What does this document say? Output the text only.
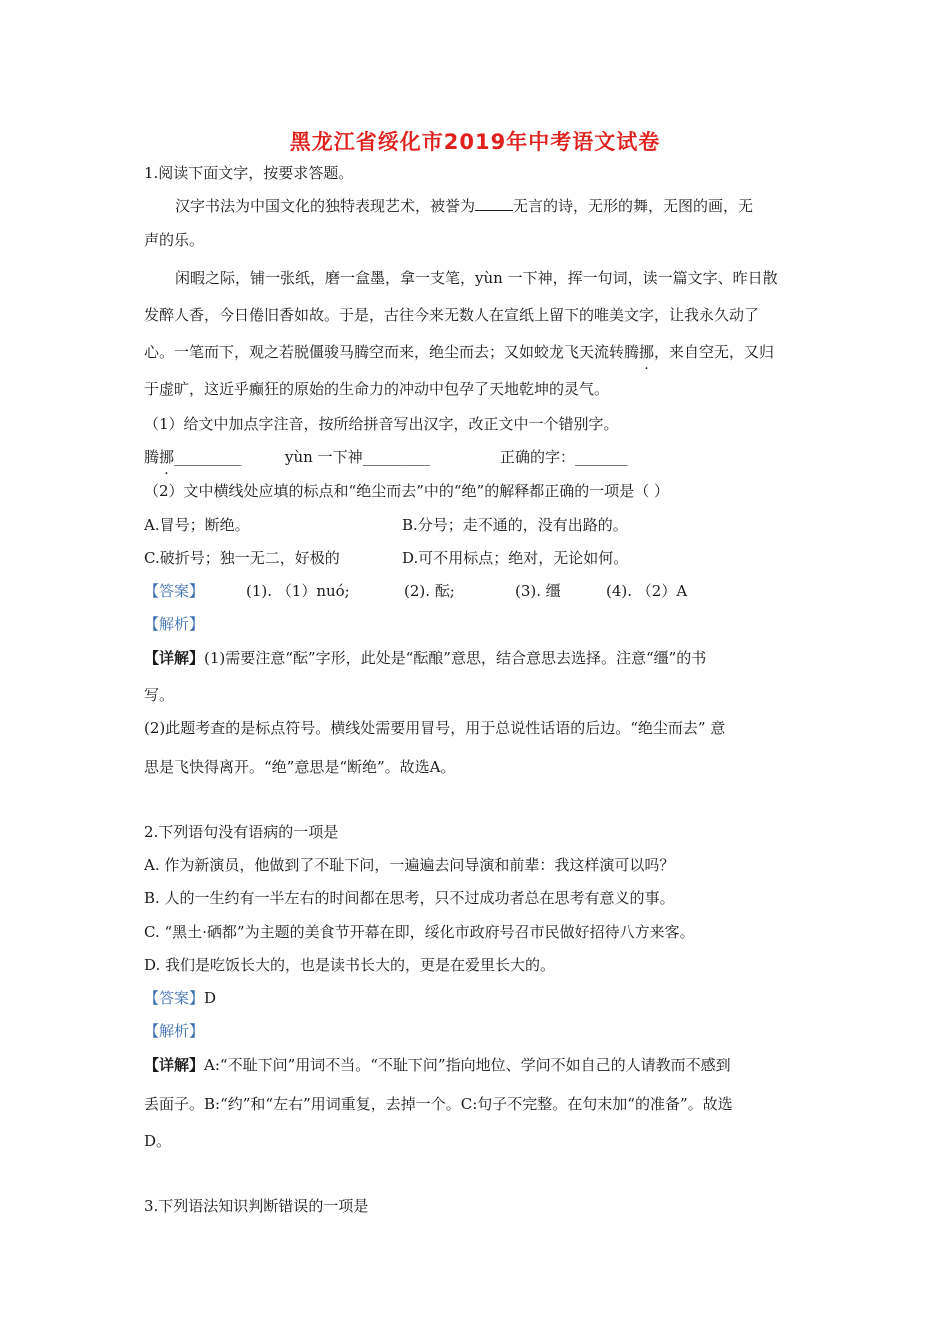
黑龙江省绥化市2019年中考语文试卷
1.阅读下面文字，按要求答题。
汉字书法为中国文化的独特表现艺术，被誉为	无言的诗，无形的舞，无图的画，无
声的乐。
闲暇之际，铺一张纸，磨一盒墨，拿一支笔，yùn 一下神，挥一句词，读一篇文字、昨日散
发醉人香，今日倦旧香如故。于是，古往今来无数人在宣纸上留下的唯美文字，让我永久动了
心。一笔而下，观之若脱僵骏马腾空而来，绝尘而去；又如蛟龙飞天流转腾挪，来自空无，又归
于虚旷，这近乎癫狂的原始的生命力的冲动中包孕了天地乾坤的灵气。
（1）给文中加点字注音，按所给拼音写出汉字，改正文中一个错别字。
腾挪_________	yùn 一下神_________	正确的字：_______
（2）文中横线处应填的标点和“绝尘而去”中的“绝”的解释都正确的一项是（ ）
A.冒号；断绝。	B.分号；走不通的，没有出路的。
C.破折号；独一无二，好极的	D.可不用标点；绝对，无论如何。
【答案】	(1). （1）nuó;	(2). 酝;	(3). 缰	(4). （2）A
【解析】
【详解】(1)需要注意“酝”字形，此处是“酝酿”意思，结合意思去选择。注意“缰”的书
写。
(2)此题考查的是标点符号。横线处需要用冒号，用于总说性话语的后边。“绝尘而去” 意
思是飞快得离开。“绝”意思是“断绝”。故选A。
2.下列语句没有语病的一项是
A. 作为新演员，他做到了不耻下问，一遍遍去问导演和前辈：我这样演可以吗？
B. 人的一生约有一半左右的时间都在思考，只不过成功者总在思考有意义的事。
C. “黑土·硒都”为主题的美食节开幕在即，绥化市政府号召市民做好招待八方来客。
D. 我们是吃饭长大的，也是读书长大的，更是在爱里长大的。
【答案】D
【解析】
【详解】A:“不耻下问”用词不当。“不耻下问”指向地位、学问不如自己的人请教而不感到
丢面子。B:“约”和“左右”用词重复，去掉一个。C:句子不完整。在句末加“的准备”。故选
D。
3.下列语法知识判断错误的一项是
